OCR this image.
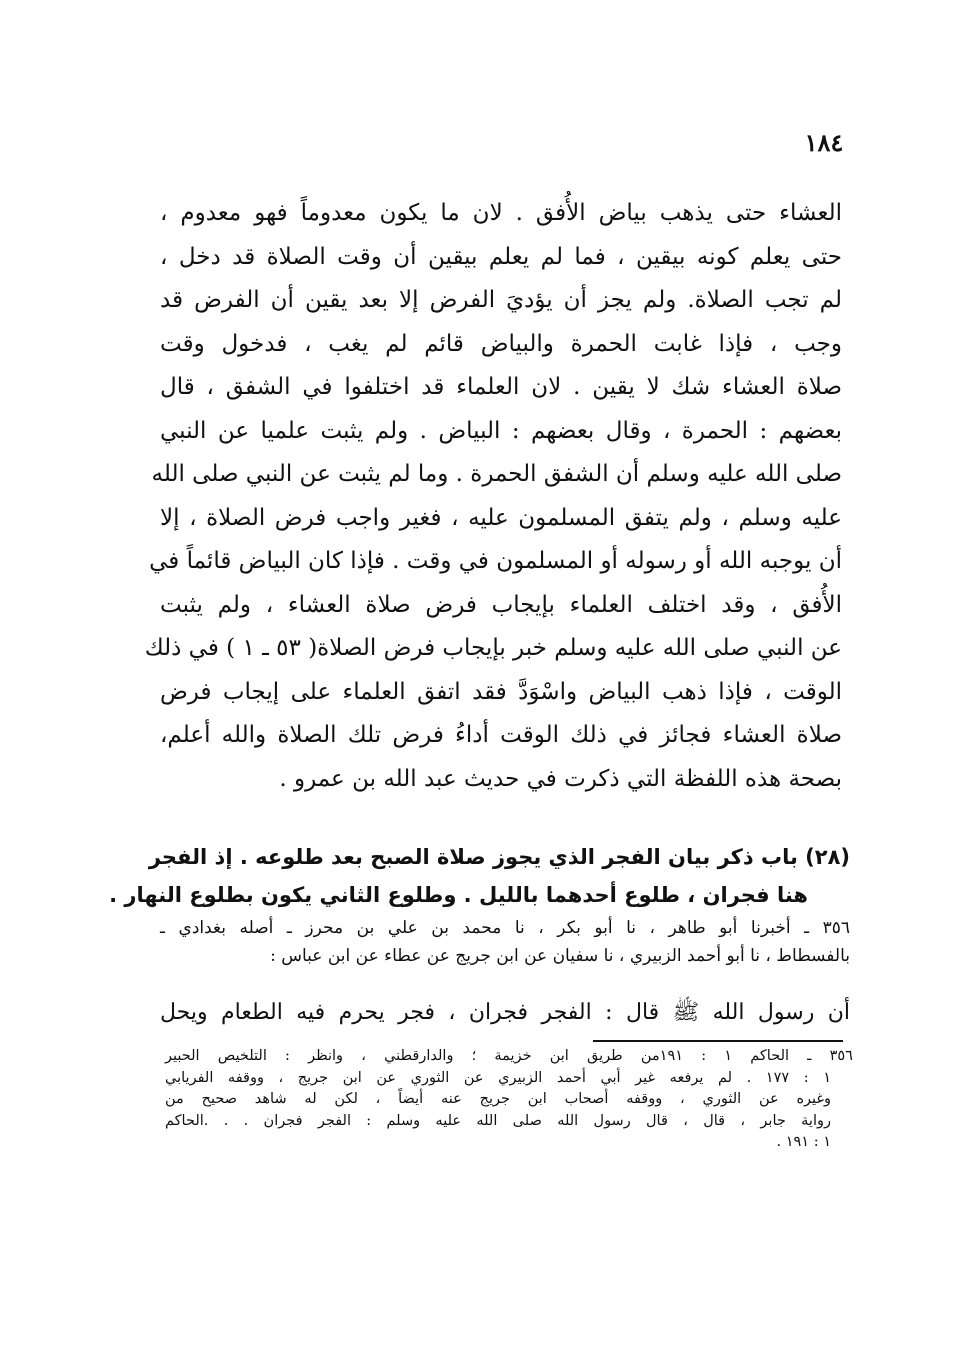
١٨٤
العشاء حتى يذهب بياض الأُفق . لان ما يكون معدوماً فهو معدوم ،
حتى يعلم كونه بيقين ، فما لم يعلم بيقين أن وقت الصلاة قد دخل ،
لم تجب الصلاة. ولم يجز أن يؤديَ الفرض إلا بعد يقين أن الفرض قد
وجب ، فإذا غابت الحمرة والبياض قائم لم يغب ، فدخول وقت
صلاة العشاء شك لا يقين . لان العلماء قد اختلفوا في الشفق ، قال
بعضهم : الحمرة ، وقال بعضهم : البياض . ولم يثبت علميا عن النبي
صلى الله عليه وسلم أن الشفق الحمرة . وما لم يثبت عن النبي صلى الله
عليه وسلم ، ولم يتفق المسلمون عليه ، فغير واجب فرض الصلاة ، إلا
أن يوجبه الله أو رسوله أو المسلمون في وقت . فإذا كان البياض قائماً في
الأُفق ، وقد اختلف العلماء بإيجاب فرض صلاة العشاء ، ولم يثبت
عن النبي صلى الله عليه وسلم خبر بإيجاب فرض الصلاة( ٥٣ ـ ١ ) في ذلك
الوقت ، فإذا ذهب البياض واسْوَدَّ فقد اتفق العلماء على إيجاب فرض
صلاة العشاء فجائز في ذلك الوقت أداءُ فرض تلك الصلاة والله أعلم،
بصحة هذه اللفظة التي ذكرت في حديث عبد الله بن عمرو .
(٢٨) باب ذكر بيان الفجر الذي يجوز صلاة الصبح بعد طلوعه . إذ الفجر
هنا فجران ، طلوع أحدهما بالليل . وطلوع الثاني يكون بطلوع النهار .
٣٥٦ ـ أخبرنا أبو طاهر ، نا أبو بكر ، نا محمد بن علي بن محرز ـ أصله بغدادي ـ
بالفسطاط ، نا أبو أحمد الزبيري ، نا سفيان عن ابن جريج عن عطاء عن ابن عباس :
أن رسول الله ﷺ قال : الفجر فجران ، فجر يحرم فيه الطعام ويحل
٣٥٦ ـ الحاكم ١ : ١٩١من طريق ابن خزيمة ؛ والدارقطني ، وانظر : التلخيص الحبير
١ : ١٧٧ . لم يرفعه غير أبي أحمد الزبيري عن الثوري عن ابن جريج ، ووقفه الفريابي
وغيره عن الثوري ، ووقفه أصحاب ابن جريج عنه أيضاً ، لكن له شاهد صحيح من
رواية جابر ، قال ، قال رسول الله صلى الله عليه وسلم : الفجر فجران . . .الحاكم
١ : ١٩١ .
